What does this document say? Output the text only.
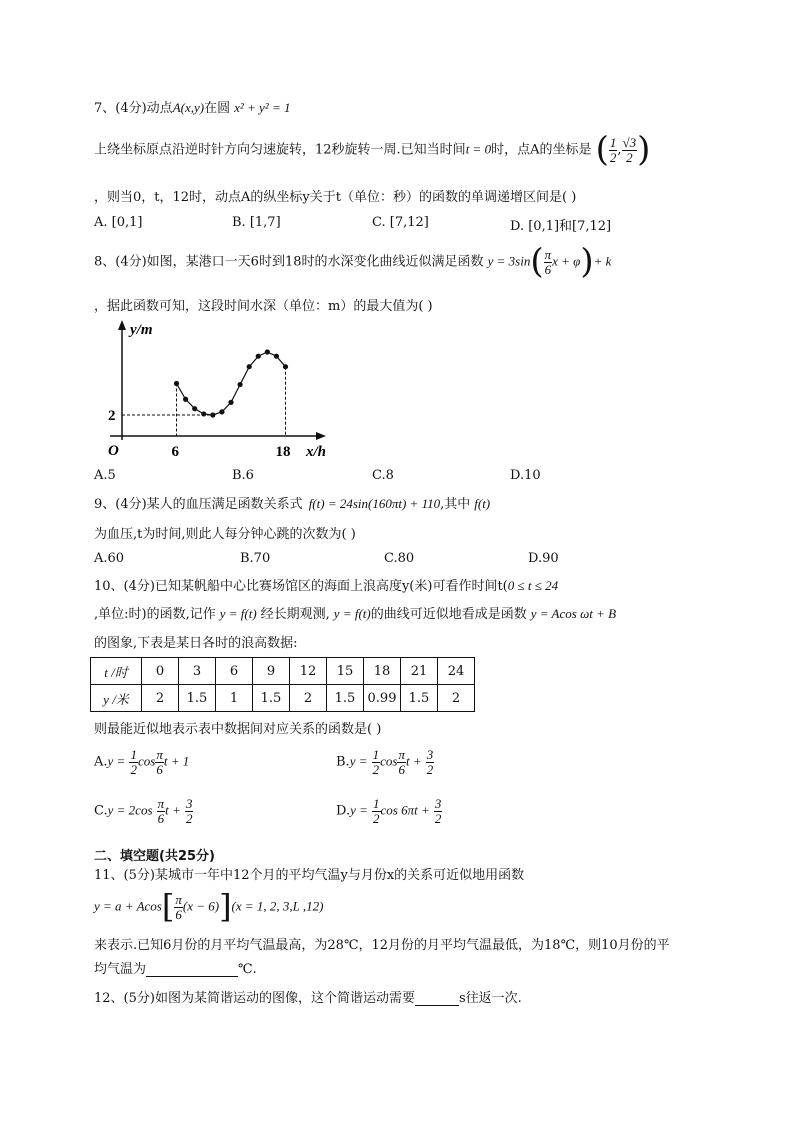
7、(4分)动点A(x,y)在圆 x² + y² = 1
上绕坐标原点沿逆时针方向匀速旋转，12秒旋转一周.已知当时间t = 0时，点A的坐标是 ( $\frac{1}{2}$ , $\frac{√3}{2}$ )
，则当0，t，12时，动点A的纵坐标y关于t（单位：秒）的函数的单调递增区间是( )
A. [0,1]	B. [1,7]	C. [7,12]	D. [0,1]和[7,12]
8、(4分)如图，某港口一天6时到18时的水深变化曲线近似满足函数 $y = 3\sin( \frac{\pi}{6}$ x + φ)+ k
，据此函数可知，这段时间水深（单位：m）的最大值为( )
y/m
x/h
O	6	18
2
A.5	B.6	C.8	D.10
9、(4分)某人的血压满足函数关系式 f(t) = 24sin(160πt) + 110,其中 f(t)
为血压,t为时间,则此人每分钟心跳的次数为( )
A.60	B.70	C.80	D.90
10、(4分)已知某帆船中心比赛场馆区的海面上浪高度y(米)可看作时间t(0 ≤ t ≤ 24
,单位:时)的函数,记作 y = f(t) 经长期观测, y = f(t)的曲线可近似地看成是函数 y = Acos ωt + B
的图象,下表是某日各时的浪高数据:
t /时	0	3	6	9	12	15	18	21	24
y /米	2	1.5	1	1.5	2	1.5	0.99	1.5	2
则最能近似地表示表中数据间对应关系的函数是( )
$A.y = \frac{1}{2}$ $\cos \frac{\pi}{6}$ t + 1	$B.y = \frac{1}{2}$ $\cos \frac{\pi}{6}$ $t + \frac{3}{2}$
$C.y = 2\cos \frac{\pi}{6}$ $t + \frac{3}{2}$	$D.y = \frac{1}{2}$ $\cos 6\pi t + \frac{3}{2}$
二、填空题(共25分)
11、(5分)某城市一年中12个月的平均气温y与月份x的关系可近似地用函数
$y = a + Acos[ \frac{\pi}{6} (x - 6)](x = 1$, 2, 3,L ,12)
来表示.已知6月份的月平均气温最高，为28℃，12月份的月平均气温最低，为18℃，则10月份的平
均气温为	℃.
12、(5分)如图为某简谐运动的图像，这个简谐运动需要	s往返一次.
